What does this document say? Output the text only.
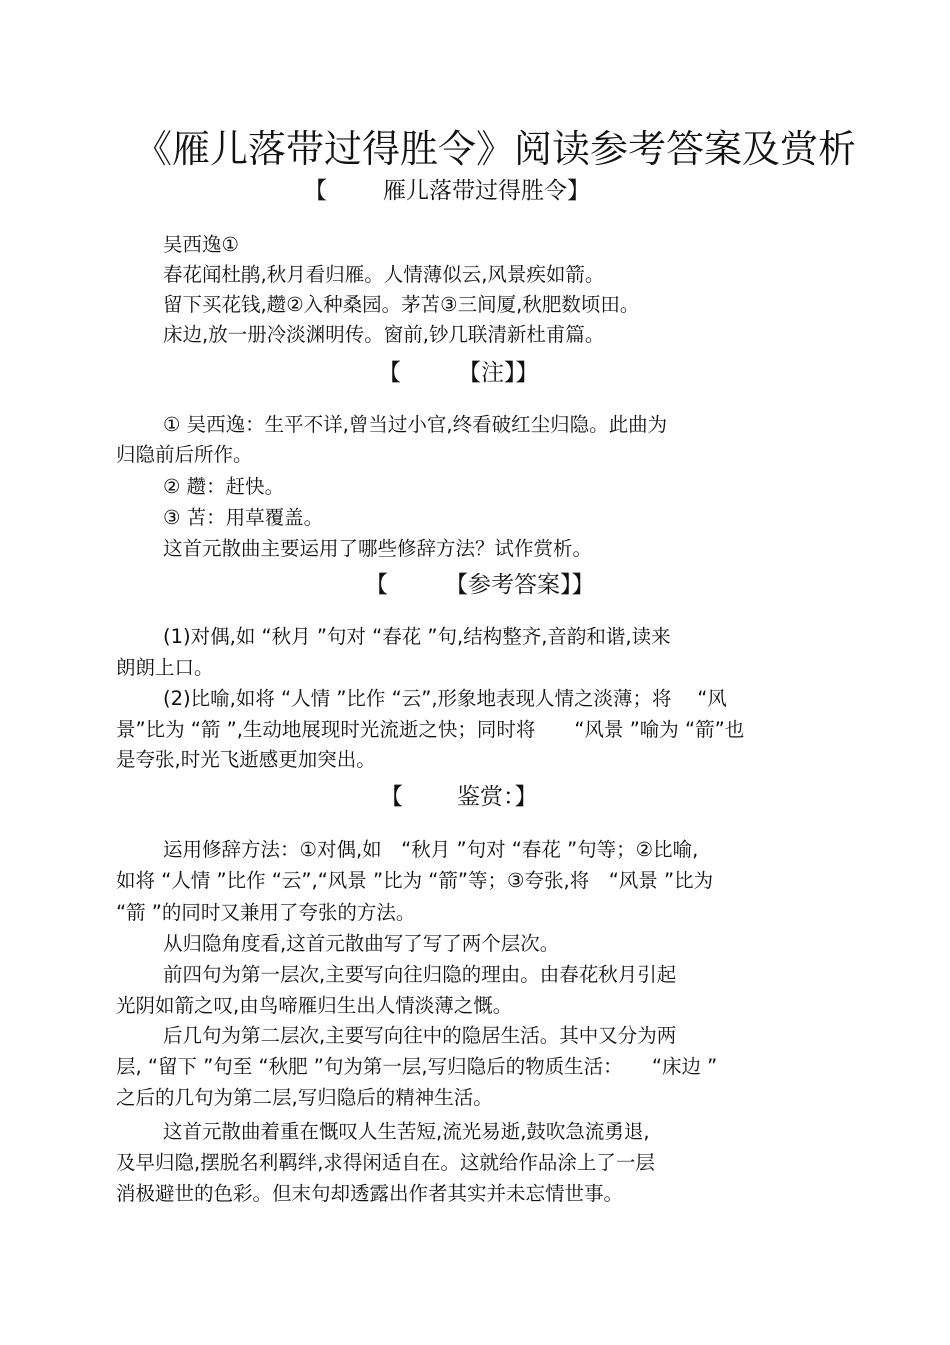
《雁儿落带过得胜令》阅读参考答案及赏析
【 雁儿落带过得胜令】
吴西逸①
春花闻杜鹃,秋月看归雁。人情薄似云,风景疾如箭。
留下买花钱,趱②入种桑园。茅苫③三间厦,秋肥数顷田。
床边,放一册冷淡渊明传。窗前,钞几联清新杜甫篇。
【 【注】】
① 吴西逸：生平不详,曾当过小官,终看破红尘归隐。此曲为
归隐前后所作。
② 趱：赶快。
③ 苫：用草覆盖。
这首元散曲主要运用了哪些修辞方法？试作赏析。
【 【参考答案】】
(1)对偶,如 “秋月 ”句对 “春花 ”句,结构整齐,音韵和谐,读来
朗朗上口。
(2)比喻,如将 “人情 ”比作 “云”,形象地表现人情之淡薄；将　 “风
景”比为 “箭 ”,生动地展现时光流逝之快；同时将　　“风景 ”喻为 “箭”也
是夸张,时光飞逝感更加突出。
【 鉴赏：】
运用修辞方法：①对偶,如　“秋月 ”句对 “春花 ”句等；②比喻,
如将 “人情 ”比作 “云”,“风景 ”比为 “箭”等；③夸张,将　“风景 ”比为
“箭 ”的同时又兼用了夸张的方法。
从归隐角度看,这首元散曲写了写了两个层次。
前四句为第一层次,主要写向往归隐的理由。由春花秋月引起
光阴如箭之叹,由鸟啼雁归生出人情淡薄之慨。
后几句为第二层次,主要写向往中的隐居生活。其中又分为两
层, “留下 ”句至 “秋肥 ”句为第一层,写归隐后的物质生活：　　“床边 ”
之后的几句为第二层,写归隐后的精神生活。
这首元散曲着重在慨叹人生苦短,流光易逝,鼓吹急流勇退,
及早归隐,摆脱名利羁绊,求得闲适自在。这就给作品涂上了一层
消极避世的色彩。但末句却透露出作者其实并未忘情世事。
